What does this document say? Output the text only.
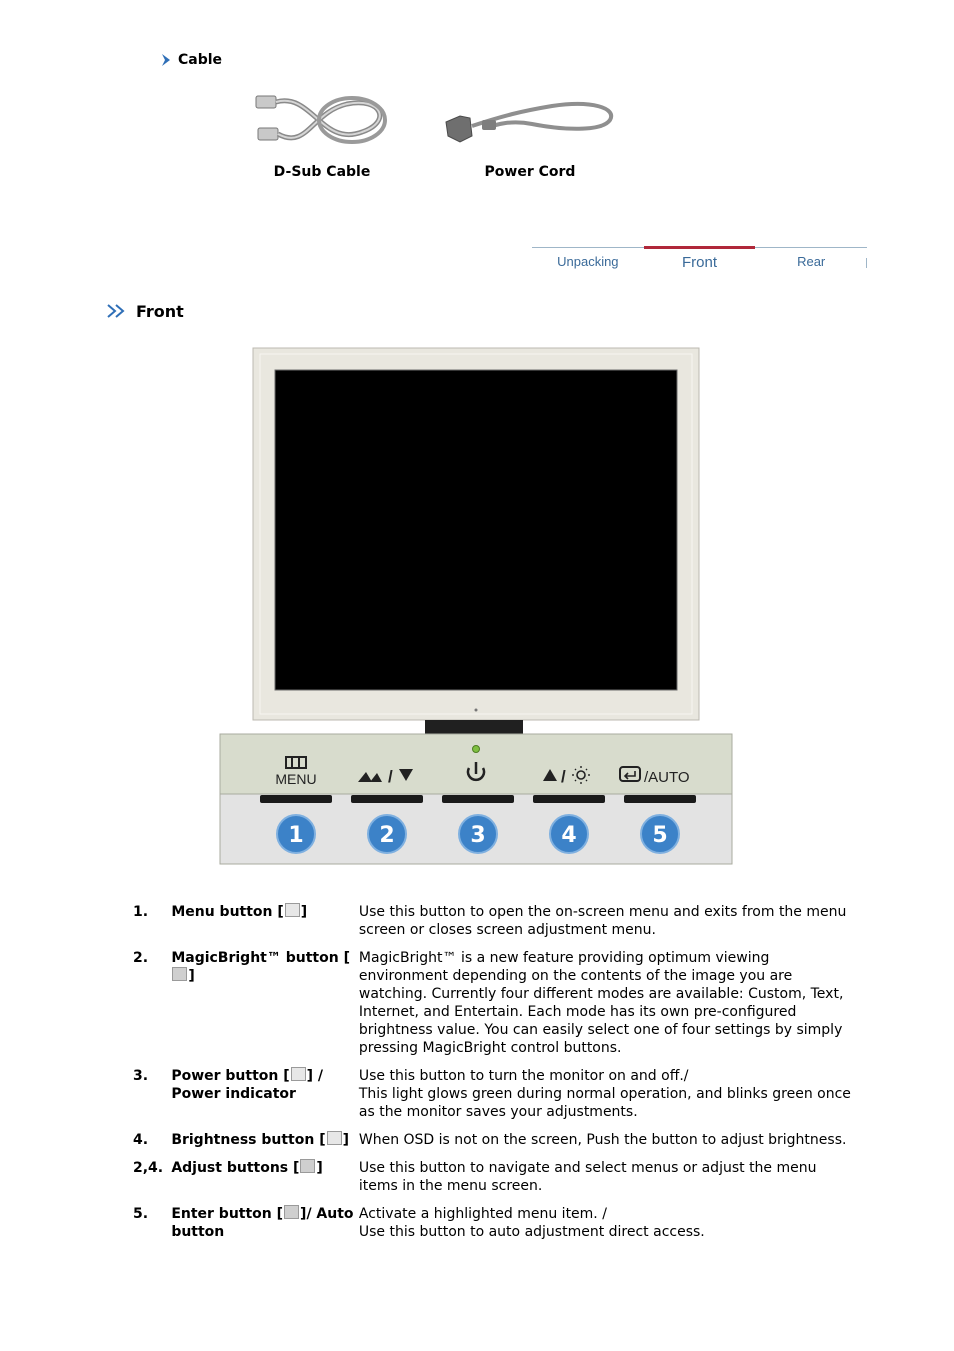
Cable
D-Sub Cable	Power Cord
Unpacking	Front	Rear
Front
MENU	/	/	/AUTO
1	2	3	4	5
1.	Menu button [ ]	Use this button to open the on-screen menu and exits from the menu screen or closes screen adjustment menu.
2.	MagicBright™ button []	MagicBright™ is a new feature providing optimum viewing environment depending on the contents of the image you are watching. Currently four different modes are available: Custom, Text, Internet, and Entertain. Each mode has its own pre-configured brightness value. You can easily select one of four settings by simply pressing MagicBright control buttons.
3.	Power button [ ] / Power indicator	Use this button to turn the monitor on and off./
This light glows green during normal operation, and blinks green once as the monitor saves your adjustments.
4.	Brightness button [ ]	When OSD is not on the screen, Push the button to adjust brightness.
2,4.	Adjust buttons [ ]	Use this button to navigate and select menus or adjust the menu items in the menu screen.
5.	Enter button [ ]/ Auto button	Activate a highlighted menu item. /
Use this button to auto adjustment direct access.
